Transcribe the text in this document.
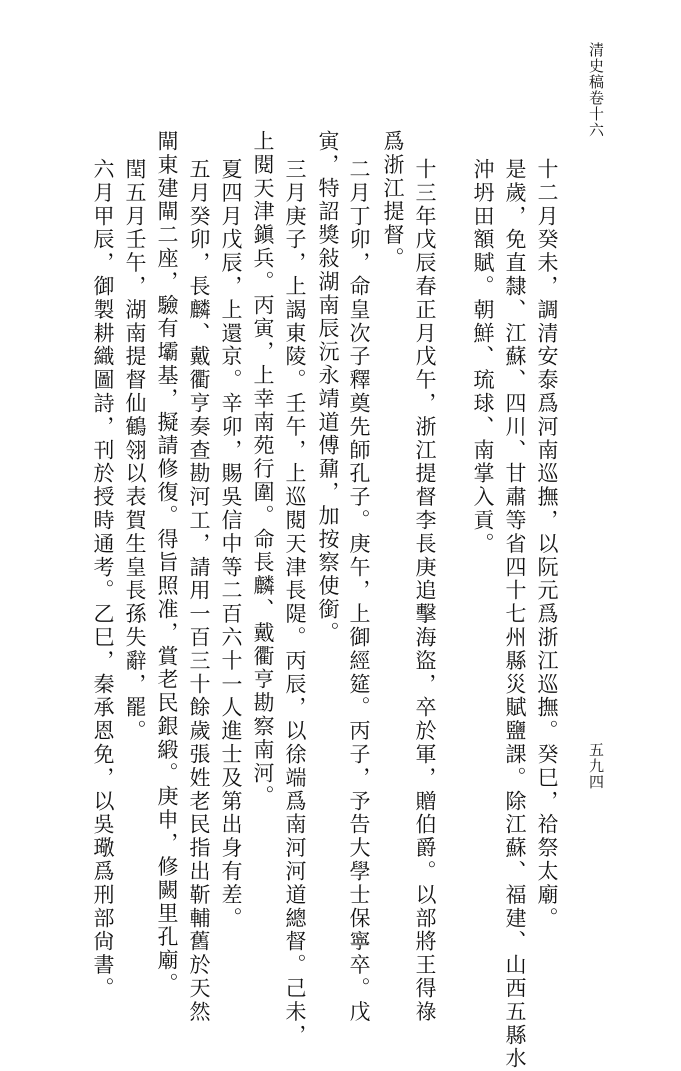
清史稿卷十六
五九四
十二月癸未，調清安泰爲河南巡撫，以阮元爲浙江巡撫。癸巳，祫祭太廟。
是歲，免直隸、江蘇、四川、甘肅等省四十七州縣災賦鹽課。除江蘇、福建、山西五縣水
沖坍田額賦。朝鮮、琉球、南掌入貢。
十三年戊辰春正月戊午，浙江提督李長庚追擊海盜，卒於軍，贈伯爵。以部將王得祿
爲浙江提督。
二月丁卯，命皇次子釋奠先師孔子。庚午，上御經筵。丙子，予告大學士保寧卒。戊
寅，特詔獎敍湖南辰沅永靖道傅鼐，加按察使銜。
三月庚子，上謁東陵。壬午，上巡閱天津長隄。丙辰，以徐端爲南河河道總督。己未，
上閱天津鎭兵。丙寅，上幸南苑行圍。命長麟、戴衢亨勘察南河。
夏四月戊辰，上還京。辛卯，賜吳信中等二百六十一人進士及第出身有差。
五月癸卯，長麟、戴衢亨奏查勘河工，請用一百三十餘歲張姓老民指出靳輔舊於天然
閘東建閘二座，驗有壩基，擬請修復。得旨照准，賞老民銀緞。庚申，修闕里孔廟。
閏五月壬午，湖南提督仙鶴翎以表賀生皇長孫失辭，罷。
六月甲辰，御製耕織圖詩，刊於授時通考。乙巳，秦承恩免，以吳璥爲刑部尙書。
